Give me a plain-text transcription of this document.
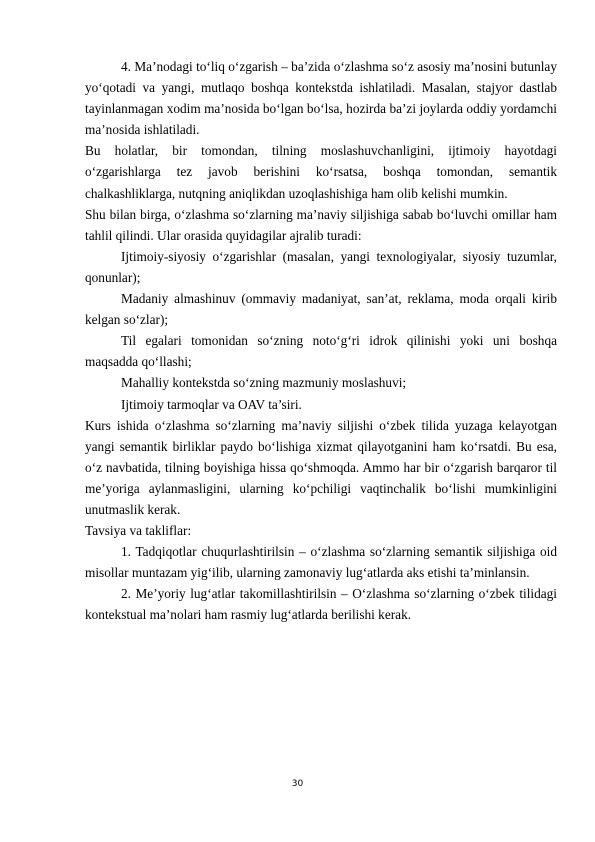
4. Ma’nodagi to‘liq o‘zgarish – ba’zida o‘zlashma so‘z asosiy ma’nosini butunlay yo‘qotadi va yangi, mutlaqo boshqa kontekstda ishlatiladi. Masalan, stajyor dastlab tayinlanmagan xodim ma’nosida bo‘lgan bo‘lsa, hozirda ba’zi joylarda oddiy yordamchi ma’nosida ishlatiladi.

Bu holatlar, bir tomondan, tilning moslashuvchanligini, ijtimoiy hayotdagi o‘zgarishlarga tez javob berishini ko‘rsatsa, boshqa tomondan, semantik chalkashliklarga, nutqning aniqlikdan uzoqlashishiga ham olib kelishi mumkin.

Shu bilan birga, o‘zlashma so‘zlarning ma’naviy siljishiga sabab bo‘luvchi omillar ham tahlil qilindi. Ular orasida quyidagilar ajralib turadi:

Ijtimoiy-siyosiy o‘zgarishlar (masalan, yangi texnologiyalar, siyosiy tuzumlar, qonunlar);

Madaniy almashinuv (ommaviy madaniyat, san’at, reklama, moda orqali kirib kelgan so‘zlar);

Til egalari tomonidan so‘zning noto‘g‘ri idrok qilinishi yoki uni boshqa maqsadda qo‘llashi;

Mahalliy kontekstda so‘zning mazmuniy moslashuvi;

Ijtimoiy tarmoqlar va OAV ta’siri.

Kurs ishida o‘zlashma so‘zlarning ma’naviy siljishi o‘zbek tilida yuzaga kelayotgan yangi semantik birliklar paydo bo‘lishiga xizmat qilayotganini ham ko‘rsatdi. Bu esa, o‘z navbatida, tilning boyishiga hissa qo‘shmoqda. Ammo har bir o‘zgarish barqaror til me’yoriga aylanmasligini, ularning ko‘pchiligi vaqtinchalik bo‘lishi mumkinligini unutmaslik kerak.

Tavsiya va takliflar:

1. Tadqiqotlar chuqurlashtirilsin – o‘zlashma so‘zlarning semantik siljishiga oid misollar muntazam yig‘ilib, ularning zamonaviy lug‘atlarda aks etishi ta’minlansin.

2. Me’yoriy lug‘atlar takomillashtirilsin – O‘zlashma so‘zlarning o‘zbek tilidagi kontekstual ma’nolari ham rasmiy lug‘atlarda berilishi kerak.

30
